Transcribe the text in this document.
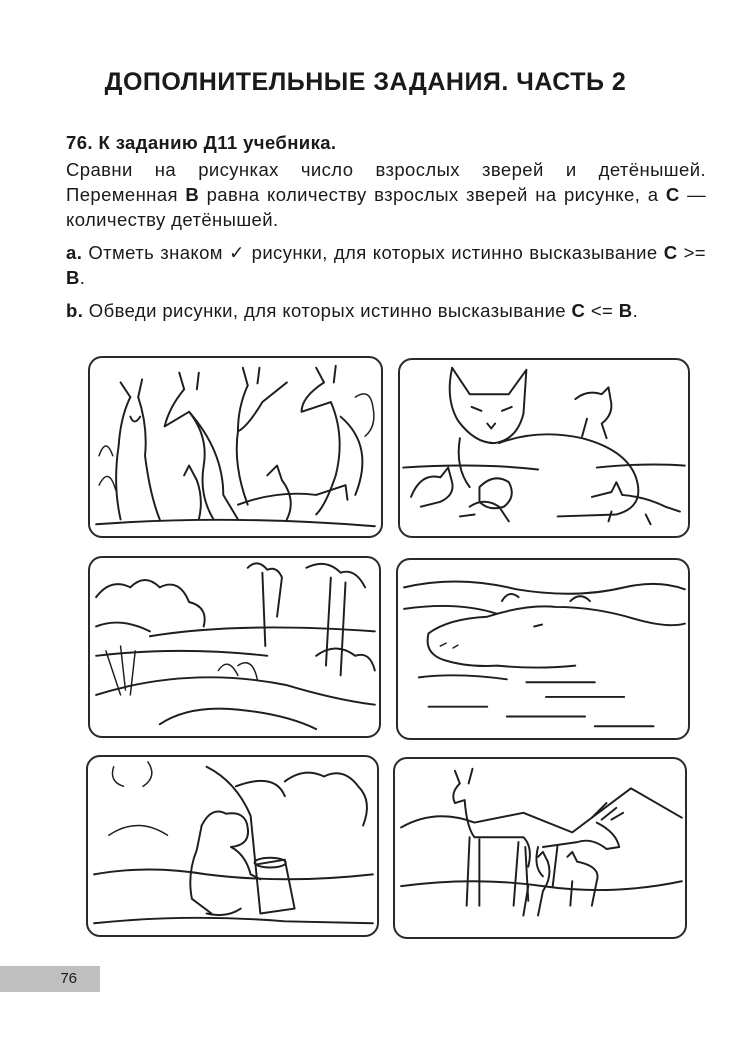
ДОПОЛНИТЕЛЬНЫЕ ЗАДАНИЯ. ЧАСТЬ 2

76. К заданию Д11 учебника.

Сравни на рисунках число взрослых зверей и детёнышей. Переменная B равна количеству взрослых зверей на рисунке, а C — количеству детёнышей.

a. Отметь знаком ✓ рисунки, для которых истинно высказывание C >= B.

b. Обведи рисунки, для которых истинно высказывание C <= B.

76
